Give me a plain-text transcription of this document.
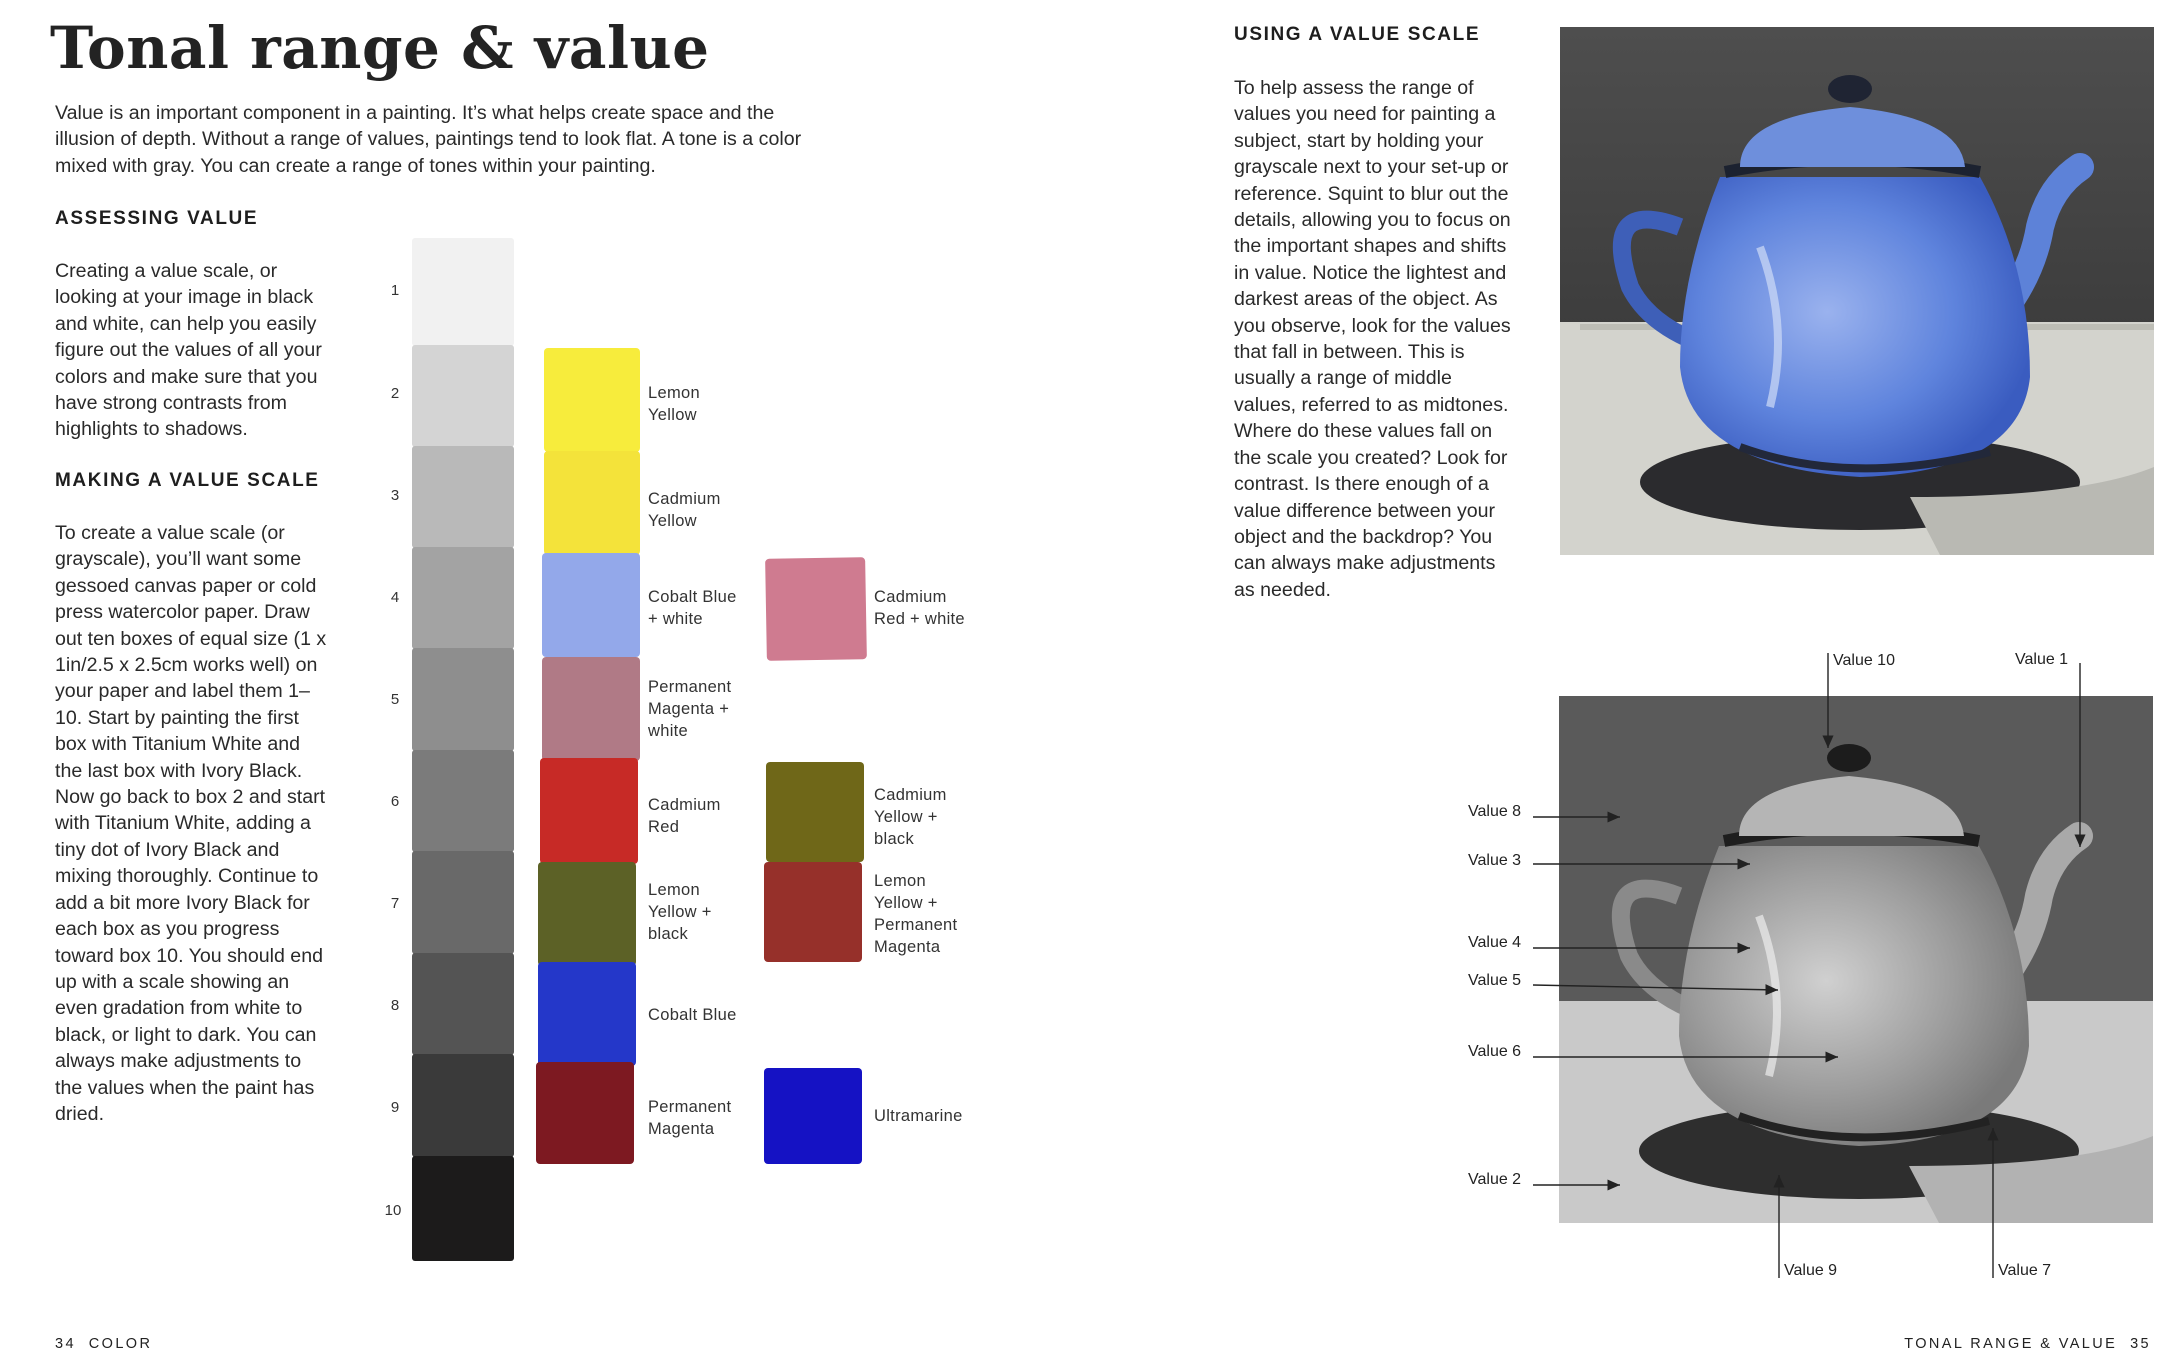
Tonal range & value

Value is an important component in a painting. It’s what helps create space and the illusion of depth. Without a range of values, paintings tend to look flat. A tone is a color mixed with gray. You can create a range of tones within your painting.

ASSESSING VALUE

Creating a value scale, or looking at your image in black and white, can help you easily figure out the values of all your colors and make sure that you have strong contrasts from highlights to shadows.

MAKING A VALUE SCALE

To create a value scale (or grayscale), you’ll want some gessoed canvas paper or cold press watercolor paper. Draw out ten boxes of equal size (1 x 1in/2.5 x 2.5cm works well) on your paper and label them 1–10. Start by painting the first box with Titanium White and the last box with Ivory Black. Now go back to box 2 and start with Titanium White, adding a tiny dot of Ivory Black and mixing thoroughly. Continue to add a bit more Ivory Black for each box as you progress toward box 10. You should end up with a scale showing an even gradation from white to black, or light to dark. You can always make adjustments to the values when the paint has dried.

1
2
3
4
5
6
7
8
9
10
Lemon
Yellow
Cadmium
Yellow
Cobalt Blue
+ white
Permanent
Magenta +
white
Cadmium
Red
Lemon
Yellow +
black
Cobalt Blue
Permanent
Magenta
Cadmium
Red + white
Cadmium
Yellow +
black
Lemon
Yellow +
Permanent
Magenta
Ultramarine
34 COLOR
USING A VALUE SCALE

To help assess the range of values you need for painting a subject, start by holding your grayscale next to your set-up or reference. Squint to blur out the details, allowing you to focus on the important shapes and shifts in value. Notice the lightest and darkest areas of the object. As you observe, look for the values that fall in between. This is usually a range of middle values, referred to as midtones. Where do these values fall on the scale you created? Look for contrast. Is there enough of a value difference between your object and the backdrop? You can always make adjustments as needed.

Value 10	Value 1
Value 8
Value 3
Value 4
Value 5
Value 6
Value 2
Value 9	Value 7
TONAL RANGE & VALUE 35
